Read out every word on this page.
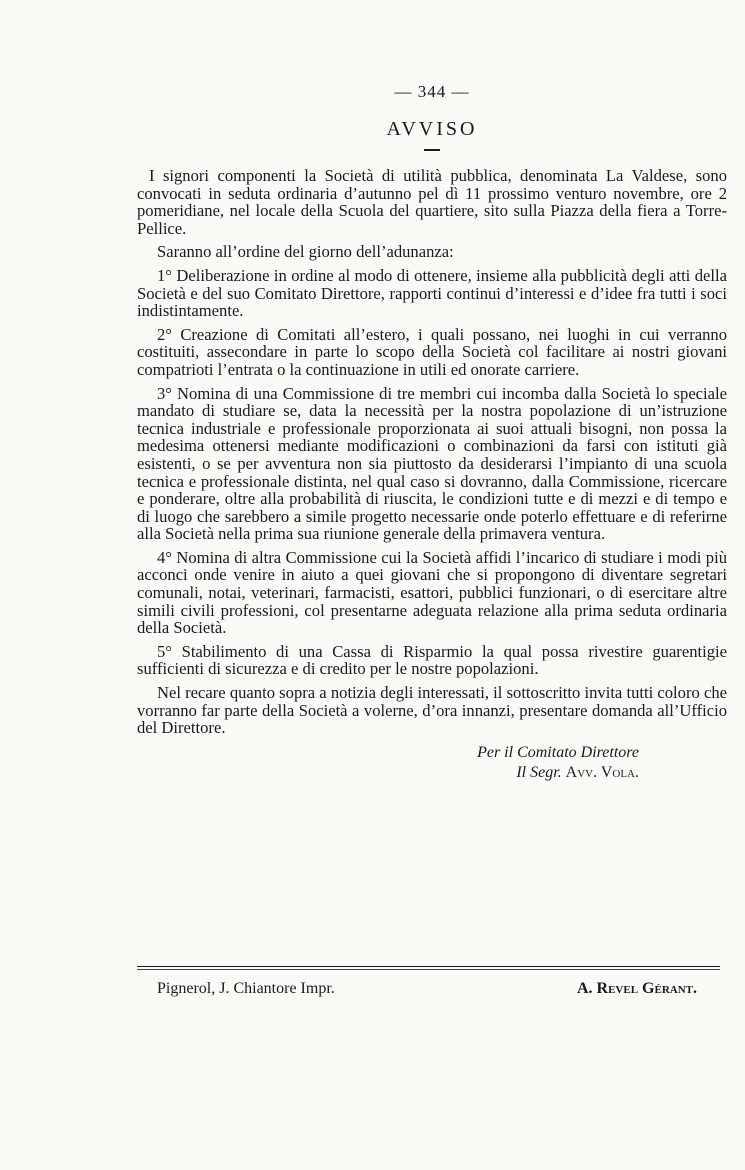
— 344 —
AVVISO

I signori componenti la Società di utilità pubblica, denominata La Valdese, sono convocati in seduta ordinaria d’autunno pel dì 11 prossimo venturo novembre, ore 2 pomeridiane, nel locale della Scuola del quartiere, sito sulla Piazza della fiera a Torre-Pellice.

Saranno all’ordine del giorno dell’adunanza:

1° Deliberazione in ordine al modo di ottenere, insieme alla pubblicità degli atti della Società e del suo Comitato Direttore, rapporti continui d’interessi e d’idee fra tutti i soci indistintamente.

2° Creazione di Comitati all’estero, i quali possano, nei luoghi in cui verranno costituiti, assecondare in parte lo scopo della Società col facilitare ai nostri giovani compatrioti l’entrata o la continuazione in utili ed onorate carriere.

3° Nomina di una Commissione di tre membri cui incomba dalla Società lo speciale mandato di studiare se, data la necessità per la nostra popolazione di un’istruzione tecnica industriale e professionale proporzionata ai suoi attuali bisogni, non possa la medesima ottenersi mediante modificazioni o combinazioni da farsi con istituti già esistenti, o se per avventura non sia piuttosto da desiderarsi l’impianto di una scuola tecnica e professionale distinta, nel qual caso si dovranno, dalla Commissione, ricercare e ponderare, oltre alla probabilità di riuscita, le condizioni tutte e di mezzi e di tempo e di luogo che sarebbero a simile progetto necessarie onde poterlo effettuare e di referirne alla Società nella prima sua riunione generale della primavera ventura.

4° Nomina di altra Commissione cui la Società affidi l’incarico di studiare i modi più acconci onde venire in aiuto a quei giovani che si propongono di diventare segretari comunali, notai, veterinari, farmacisti, esattori, pubblici funzionari, o di esercitare altre simili civili professioni, col presentarne adeguata relazione alla prima seduta ordinaria della Società.

5° Stabilimento di una Cassa di Risparmio la qual possa rivestire guarentigie sufficienti di sicurezza e di credito per le nostre popolazioni.

Nel recare quanto sopra a notizia degli interessati, il sottoscritto invita tutti coloro che vorranno far parte della Società a volerne, d’ora innanzi, presentare domanda all’Ufficio del Direttore.

Per il Comitato Direttore
Il Segr. Avv. Vola.
Pignerol, J. Chiantore Impr.	A. Revel Gérant.
